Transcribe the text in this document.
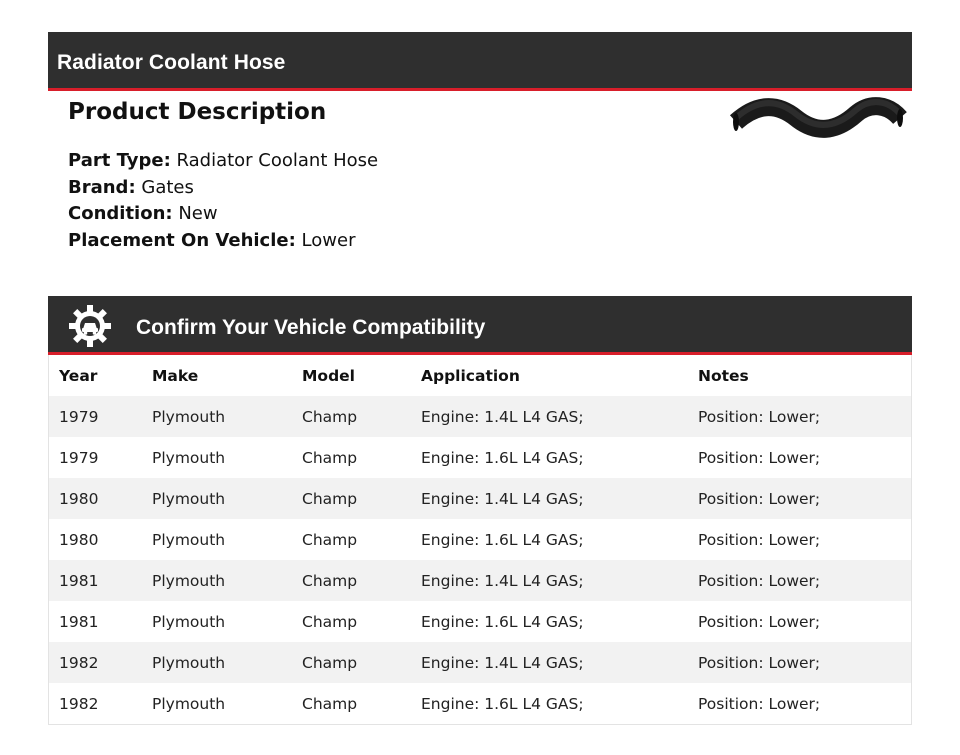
Radiator Coolant Hose
Product Description
Part Type: Radiator Coolant Hose
Brand: Gates
Condition: New
Placement On Vehicle: Lower
Confirm Your Vehicle Compatibility
Year	Make	Model	Application	Notes
1979	Plymouth	Champ	Engine: 1.4L L4 GAS;	Position: Lower;
1979	Plymouth	Champ	Engine: 1.6L L4 GAS;	Position: Lower;
1980	Plymouth	Champ	Engine: 1.4L L4 GAS;	Position: Lower;
1980	Plymouth	Champ	Engine: 1.6L L4 GAS;	Position: Lower;
1981	Plymouth	Champ	Engine: 1.4L L4 GAS;	Position: Lower;
1981	Plymouth	Champ	Engine: 1.6L L4 GAS;	Position: Lower;
1982	Plymouth	Champ	Engine: 1.4L L4 GAS;	Position: Lower;
1982	Plymouth	Champ	Engine: 1.6L L4 GAS;	Position: Lower;
